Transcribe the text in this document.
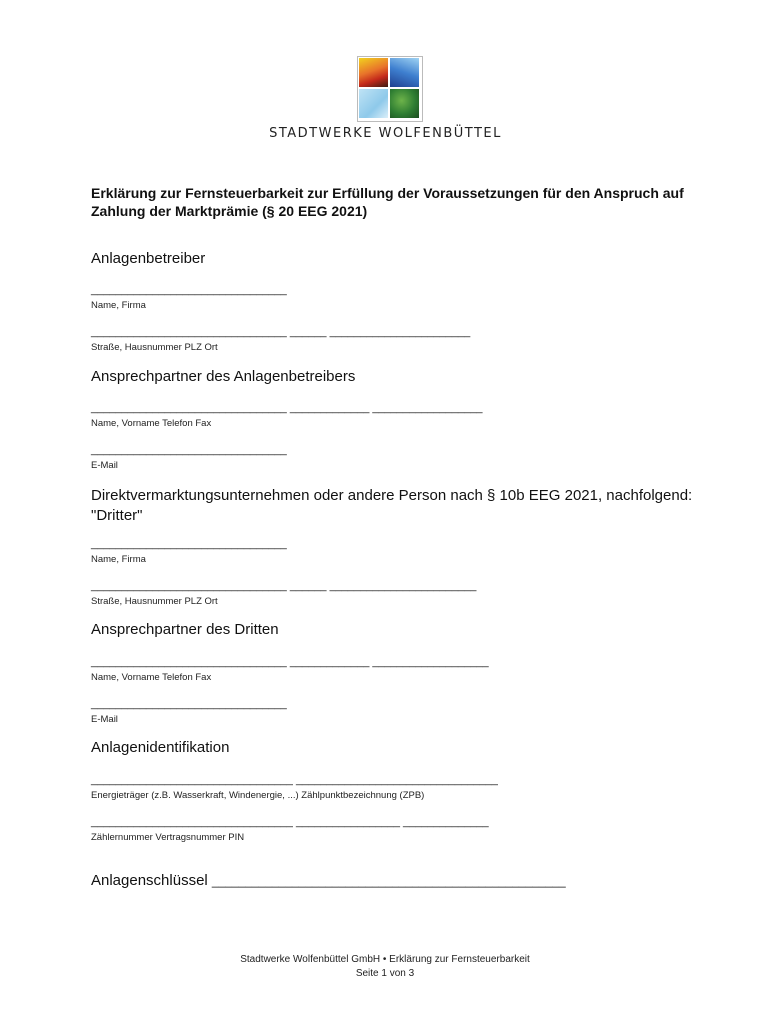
STADTWERKE WOLFENBÜTTEL
Erklärung zur Fernsteuerbarkeit zur Erfüllung der Voraussetzungen für den Anspruch auf Zahlung der Marktprämie (§ 20 EEG 2021)
Anlagenbetreiber
________________________________
Name, Firma
________________________________ ______ _______________________
Straße, Hausnummer PLZ Ort
Ansprechpartner des Anlagenbetreibers
________________________________ _____________ __________________
Name, Vorname Telefon Fax
________________________________
E-Mail
Direktvermarktungsunternehmen oder andere Person nach § 10b EEG 2021, nachfolgend: "Dritter"
________________________________
Name, Firma
________________________________ ______ ________________________
Straße, Hausnummer PLZ Ort
Ansprechpartner des Dritten
________________________________ _____________ ___________________
Name, Vorname Telefon Fax
________________________________
E-Mail
Anlagenidentifikation
_________________________________ _________________________________
Energieträger (z.B. Wasserkraft, Windenergie, ...) Zählpunktbezeichnung (ZPB)
_________________________________ _________________ ______________
Zählernummer Vertragsnummer PIN
Anlagenschlüssel _____________________________________________________
Stadtwerke Wolfenbüttel GmbH • Erklärung zur Fernsteuerbarkeit
Seite 1 von 3
